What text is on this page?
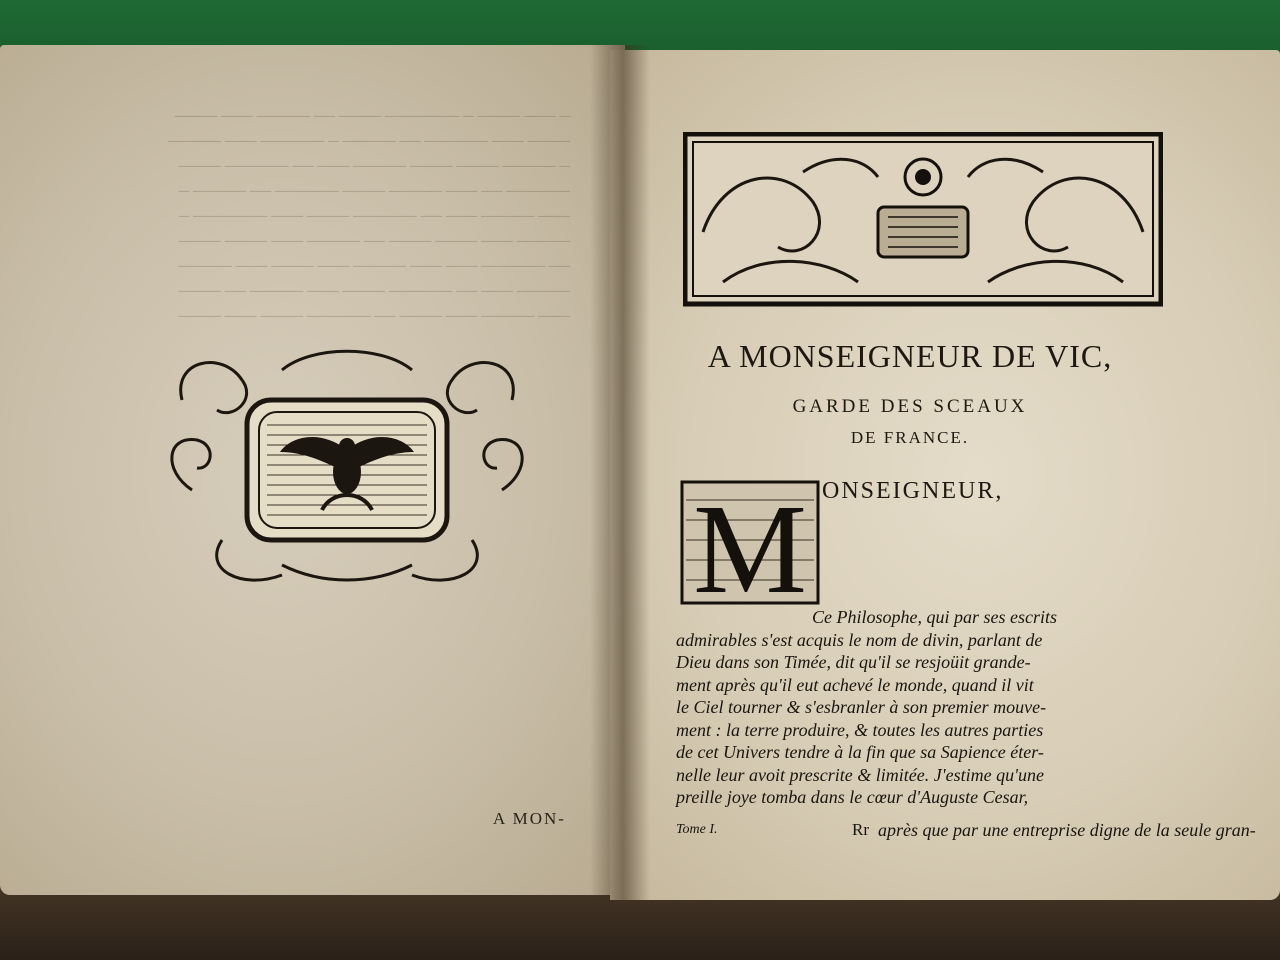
─ ─── ──── ─ ─────── ──── ── ───── ─── ────
──── ─── ────── ── ───── ─ ────── ─── ─────
─ ───── ──── ──── ───── ─── ── ────── ────
────── ── ─── ───── ──── ────── ── ───── ─
─── ───── ─── ── ────── ──── ─── ─────── ─
───── ─── ──── ──── ── ───── ─── ──── ────
── ────── ─── ─── ───── ─── ──── ─── ─────
───── ─── ── ────── ──── ─── ───── ── ────
─── ───── ─── ──── ── ────── ──── ─── ────
A MON-
A MONSEIGNEUR DE VIC,
GARDE DES SCEAUX
DE FRANCE.
M ONSEIGNEUR,
Ce Philosophe, qui par ses escrits
admirables s'est acquis le nom de divin, parlant de
Dieu dans son Timée, dit qu'il se resjoüit grande-
ment après qu'il eut achevé le monde, quand il vit
le Ciel tourner & s'esbranler à son premier mouve-
ment : la terre produire, & toutes les autres parties
de cet Univers tendre à la fin que sa Sapience éter-
nelle leur avoit prescrite & limitée. J'estime qu'une
preille joye tomba dans le cœur d'Auguste Cesar,
Tome I.	Rr après que par une entreprise digne de la seule gran-
